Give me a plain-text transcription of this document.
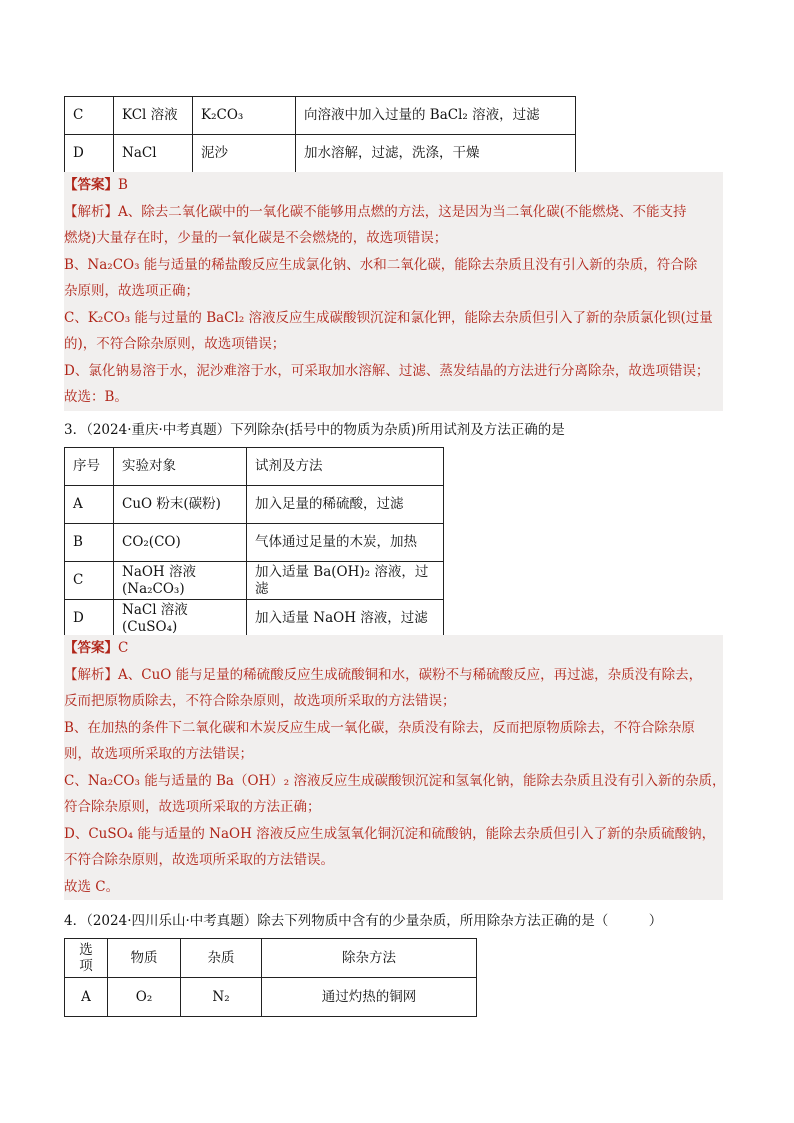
C	KCl 溶液	K₂CO₃	向溶液中加入过量的 BaCl₂ 溶液，过滤
D	NaCl	泥沙	加水溶解，过滤，洗涤，干燥
【答案】B
【解析】A、除去二氧化碳中的一氧化碳不能够用点燃的方法，这是因为当二氧化碳(不能燃烧、不能支持
燃烧)大量存在时，少量的一氧化碳是不会燃烧的，故选项错误；
B、Na₂CO₃ 能与适量的稀盐酸反应生成氯化钠、水和二氧化碳，能除去杂质且没有引入新的杂质，符合除
杂原则，故选项正确；
C、K₂CO₃ 能与过量的 BaCl₂ 溶液反应生成碳酸钡沉淀和氯化钾，能除去杂质但引入了新的杂质氯化钡(过量
的)，不符合除杂原则，故选项错误；
D、氯化钠易溶于水，泥沙难溶于水，可采取加水溶解、过滤、蒸发结晶的方法进行分离除杂，故选项错误；
故选：B。
3．（2024·重庆·中考真题）下列除杂(括号中的物质为杂质)所用试剂及方法正确的是
序号	实验对象	试剂及方法
A	CuO 粉末(碳粉)	加入足量的稀硫酸，过滤
B	CO₂(CO)	气体通过足量的木炭，加热
C	NaOH 溶液(Na₂CO₃)	加入适量 Ba(OH)₂ 溶液，过滤
D	NaCl 溶液(CuSO₄)	加入适量 NaOH 溶液，过滤
【答案】C
【解析】A、CuO 能与足量的稀硫酸反应生成硫酸铜和水，碳粉不与稀硫酸反应，再过滤，杂质没有除去，
反而把原物质除去，不符合除杂原则，故选项所采取的方法错误；
B、在加热的条件下二氧化碳和木炭反应生成一氧化碳，杂质没有除去，反而把原物质除去，不符合除杂原
则，故选项所采取的方法错误；
C、Na₂CO₃ 能与适量的 Ba（OH）₂ 溶液反应生成碳酸钡沉淀和氢氧化钠，能除去杂质且没有引入新的杂质，
符合除杂原则，故选项所采取的方法正确；
D、CuSO₄ 能与适量的 NaOH 溶液反应生成氢氧化铜沉淀和硫酸钠，能除去杂质但引入了新的杂质硫酸钠，
不符合除杂原则，故选项所采取的方法错误。
故选 C。
4．（2024·四川乐山·中考真题）除去下列物质中含有的少量杂质，所用除杂方法正确的是（　　　）
选项	物质	杂质	除杂方法
A	O₂	N₂	通过灼热的铜网
